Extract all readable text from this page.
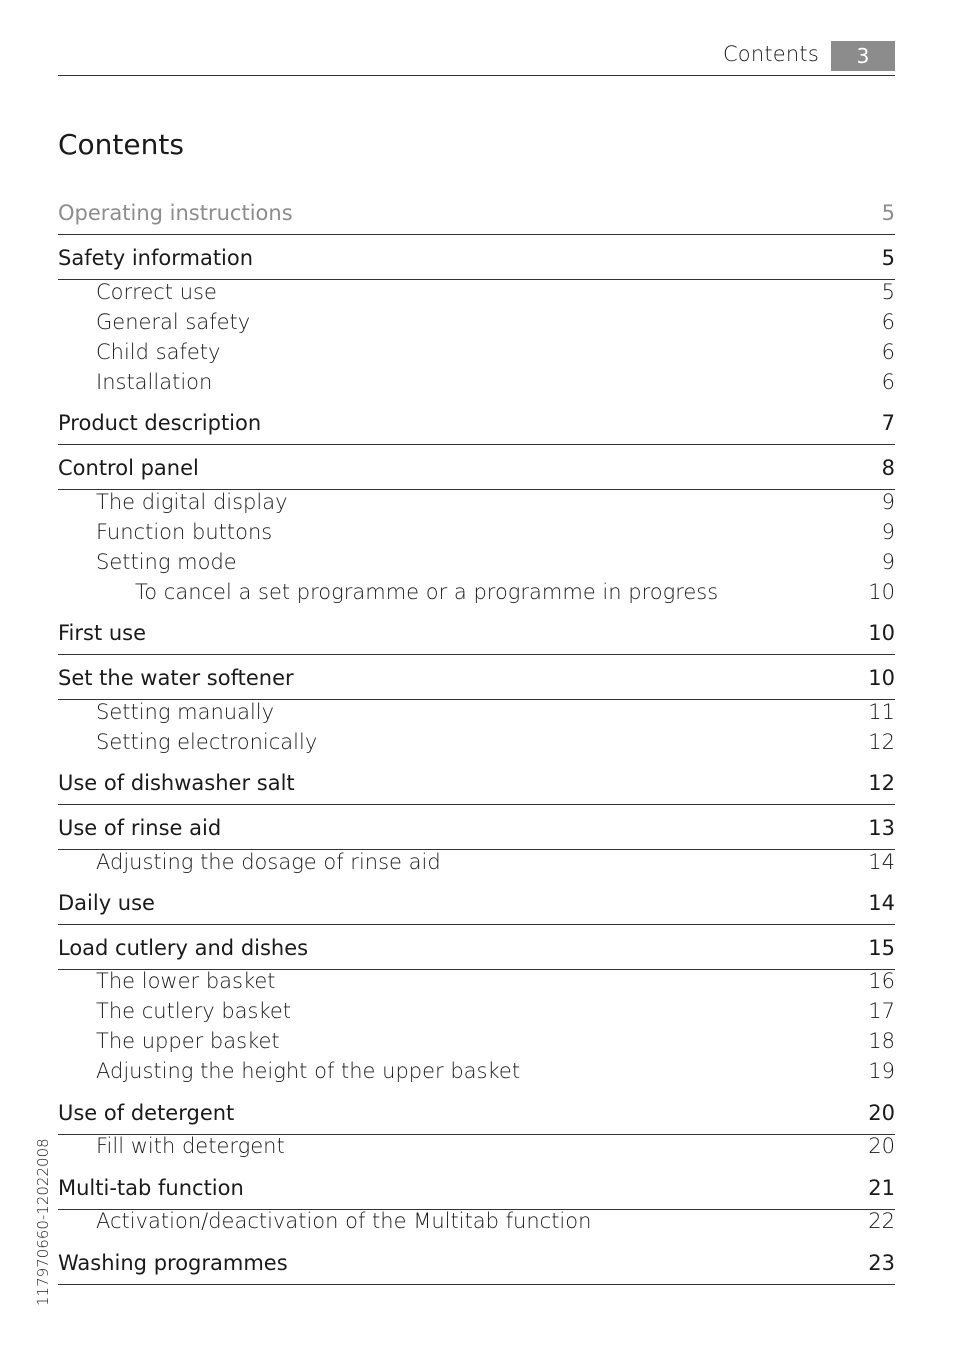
Contents	3
Contents
Operating instructions	5
Safety information	5
Correct use	5
General safety	6
Child safety	6
Installation	6
Product description	7
Control panel	8
The digital display	9
Function buttons	9
Setting mode	9
To cancel a set programme or a programme in progress	10
First use	10
Set the water softener	10
Setting manually	11
Setting electronically	12
Use of dishwasher salt	12
Use of rinse aid	13
Adjusting the dosage of rinse aid	14
Daily use	14
Load cutlery and dishes	15
The lower basket	16
The cutlery basket	17
The upper basket	18
Adjusting the height of the upper basket	19
Use of detergent	20
Fill with detergent	20
Multi-tab function	21
Activation/deactivation of the Multitab function	22
Washing programmes	23
117970660-12022008
